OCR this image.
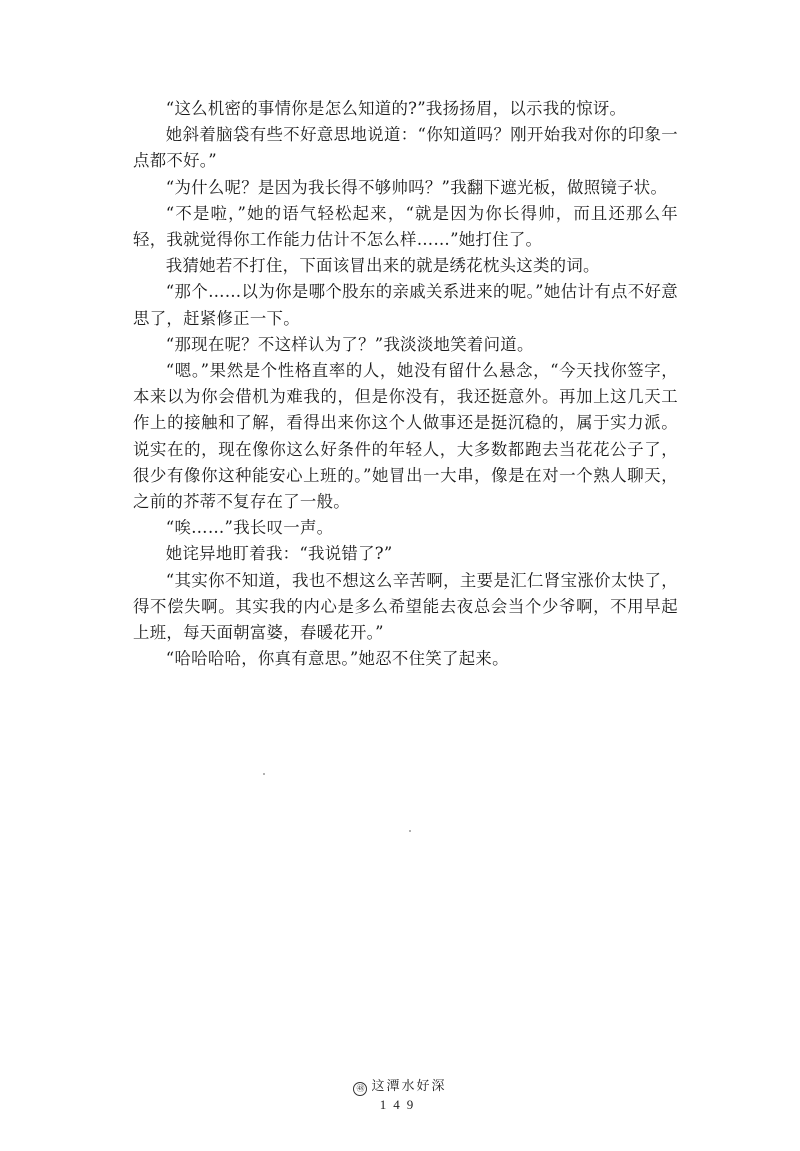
“这么机密的事情你是怎么知道的?”我扬扬眉，以示我的惊讶。

她斜着脑袋有些不好意思地说道：“你知道吗？刚开始我对你的印象一点都不好。”

“为什么呢？是因为我长得不够帅吗？”我翻下遮光板，做照镜子状。

“不是啦，”她的语气轻松起来，“就是因为你长得帅，而且还那么年轻，我就觉得你工作能力估计不怎么样……”她打住了。

我猜她若不打住，下面该冒出来的就是绣花枕头这类的词。

“那个……以为你是哪个股东的亲戚关系进来的呢。”她估计有点不好意思了，赶紧修正一下。

“那现在呢？不这样认为了？”我淡淡地笑着问道。

“嗯。”果然是个性格直率的人，她没有留什么悬念，“今天找你签字，本来以为你会借机为难我的，但是你没有，我还挺意外。再加上这几天工作上的接触和了解，看得出来你这个人做事还是挺沉稳的，属于实力派。说实在的，现在像你这么好条件的年轻人，大多数都跑去当花花公子了，很少有像你这种能安心上班的。”她冒出一大串，像是在对一个熟人聊天，之前的芥蒂不复存在了一般。

“唉……”我长叹一声。

她诧异地盯着我：“我说错了?”

“其实你不知道，我也不想这么辛苦啊，主要是汇仁肾宝涨价太快了，得不偿失啊。其实我的内心是多么希望能去夜总会当个少爷啊，不用早起上班，每天面朝富婆，春暖花开。”

“哈哈哈哈，你真有意思。”她忍不住笑了起来。

㊽ 这潭水好深
149
